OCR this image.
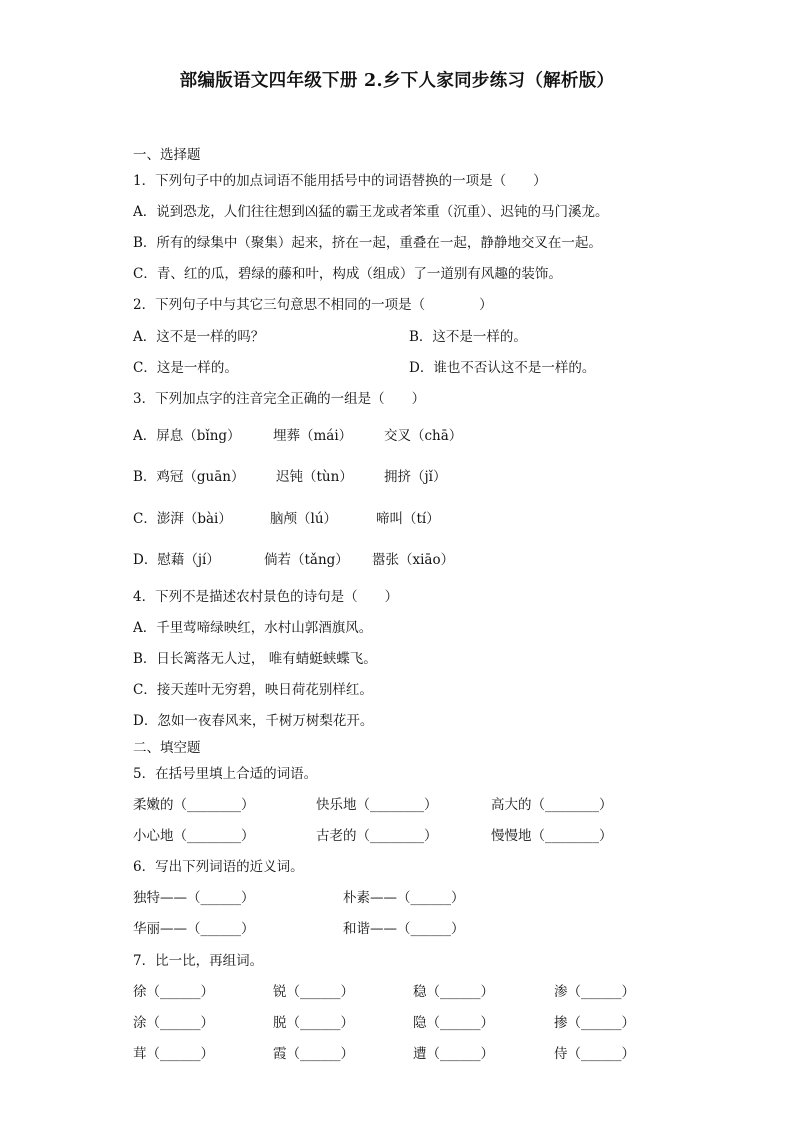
部编版语文四年级下册 2.乡下人家同步练习（解析版）
一、选择题
1．下列句子中的加点词语不能用括号中的词语替换的一项是（　　）
A．说到恐龙，人们往往想到凶猛的霸王龙或者笨重（沉重）、迟钝的马门溪龙。
B．所有的绿集中（聚集）起来，挤在一起，重叠在一起，静静地交叉在一起。
C．青、红的瓜，碧绿的藤和叶，构成（组成）了一道别有风趣的装饰。
2．下列句子中与其它三句意思不相同的一项是（　　　　）
A．这不是一样的吗？	B．这不是一样的。
C．这是一样的。	D．谁也不否认这不是一样的。
3．下列加点字的注音完全正确的一组是（　　）
A．屏息（bǐng） 埋葬（mái） 交叉（chā）
B．鸡冠（guān） 迟钝（tùn） 拥挤（jǐ）
C．澎湃（bài）	脑颅（lú）	啼叫（tí）
D．慰藉（jí）	倘若（tǎng） 嚣张（xiāo）
4．下列不是描述农村景色的诗句是（　　）
A．千里莺啼绿映红，水村山郭酒旗风。
B．日长篱落无人过， 唯有蜻蜓蛱蝶飞。
C．接天莲叶无穷碧，映日荷花别样红。
D．忽如一夜春风来，千树万树梨花开。
二、填空题
5．在括号里填上合适的词语。
柔嫩的（________）	快乐地（________）	高大的（________）
小心地（________）	古老的（________）	慢慢地（________）
6．写出下列词语的近义词。
独特——（______）	朴素——（______）
华丽——（______）	和谐——（______）
7．比一比，再组词。
徐（______）	锐（______）	稳（______）	渗（______）
涂（______）	脱（______）	隐（______）	掺（______）
茸（______）	霞（______）	遭（______）	侍（______）
